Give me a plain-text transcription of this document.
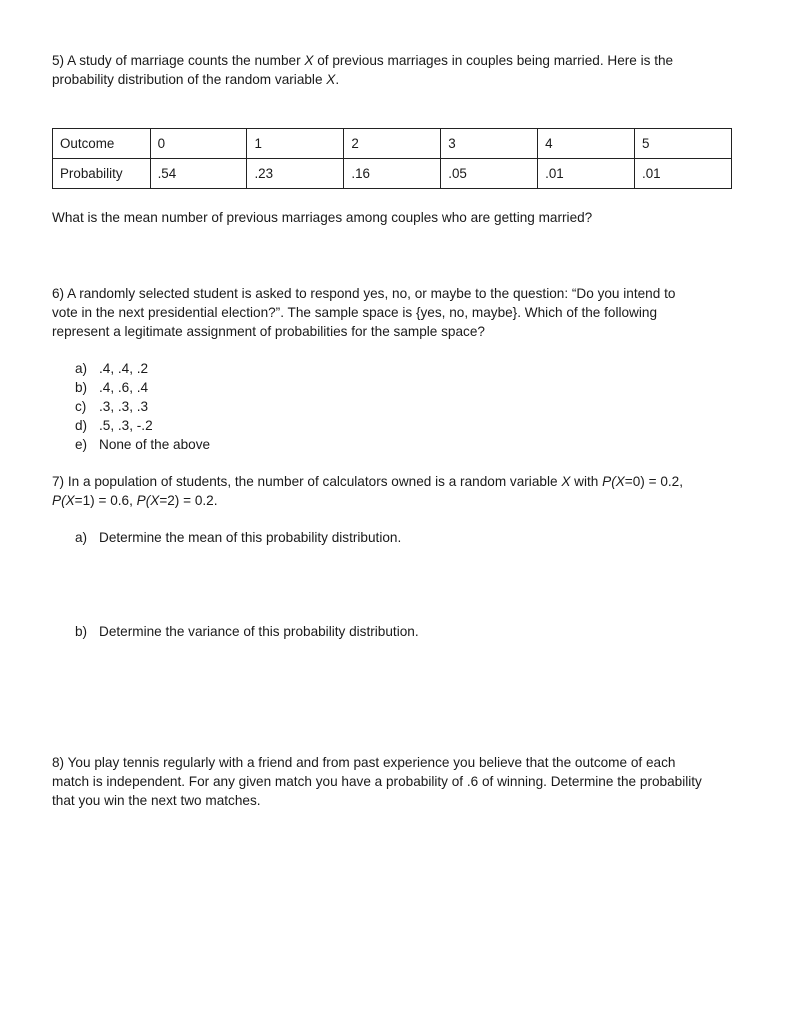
5) A study of marriage counts the number X of previous marriages in couples being married. Here is the
probability distribution of the random variable X.
Outcome	0	1	2	3	4	5
Probability	.54	.23	.16	.05	.01	.01
What is the mean number of previous marriages among couples who are getting married?
6) A randomly selected student is asked to respond yes, no, or maybe to the question: “Do you intend to
vote in the next presidential election?”. The sample space is {yes, no, maybe}. Which of the following
represent a legitimate assignment of probabilities for the sample space?
a) .4, .4, .2
b) .4, .6, .4
c) .3, .3, .3
d) .5, .3, -.2
e) None of the above
7) In a population of students, the number of calculators owned is a random variable X with P(X=0) = 0.2,
P(X=1) = 0.6, P(X=2) = 0.2.
a) Determine the mean of this probability distribution.
b) Determine the variance of this probability distribution.
8) You play tennis regularly with a friend and from past experience you believe that the outcome of each
match is independent. For any given match you have a probability of .6 of winning. Determine the probability
that you win the next two matches.
